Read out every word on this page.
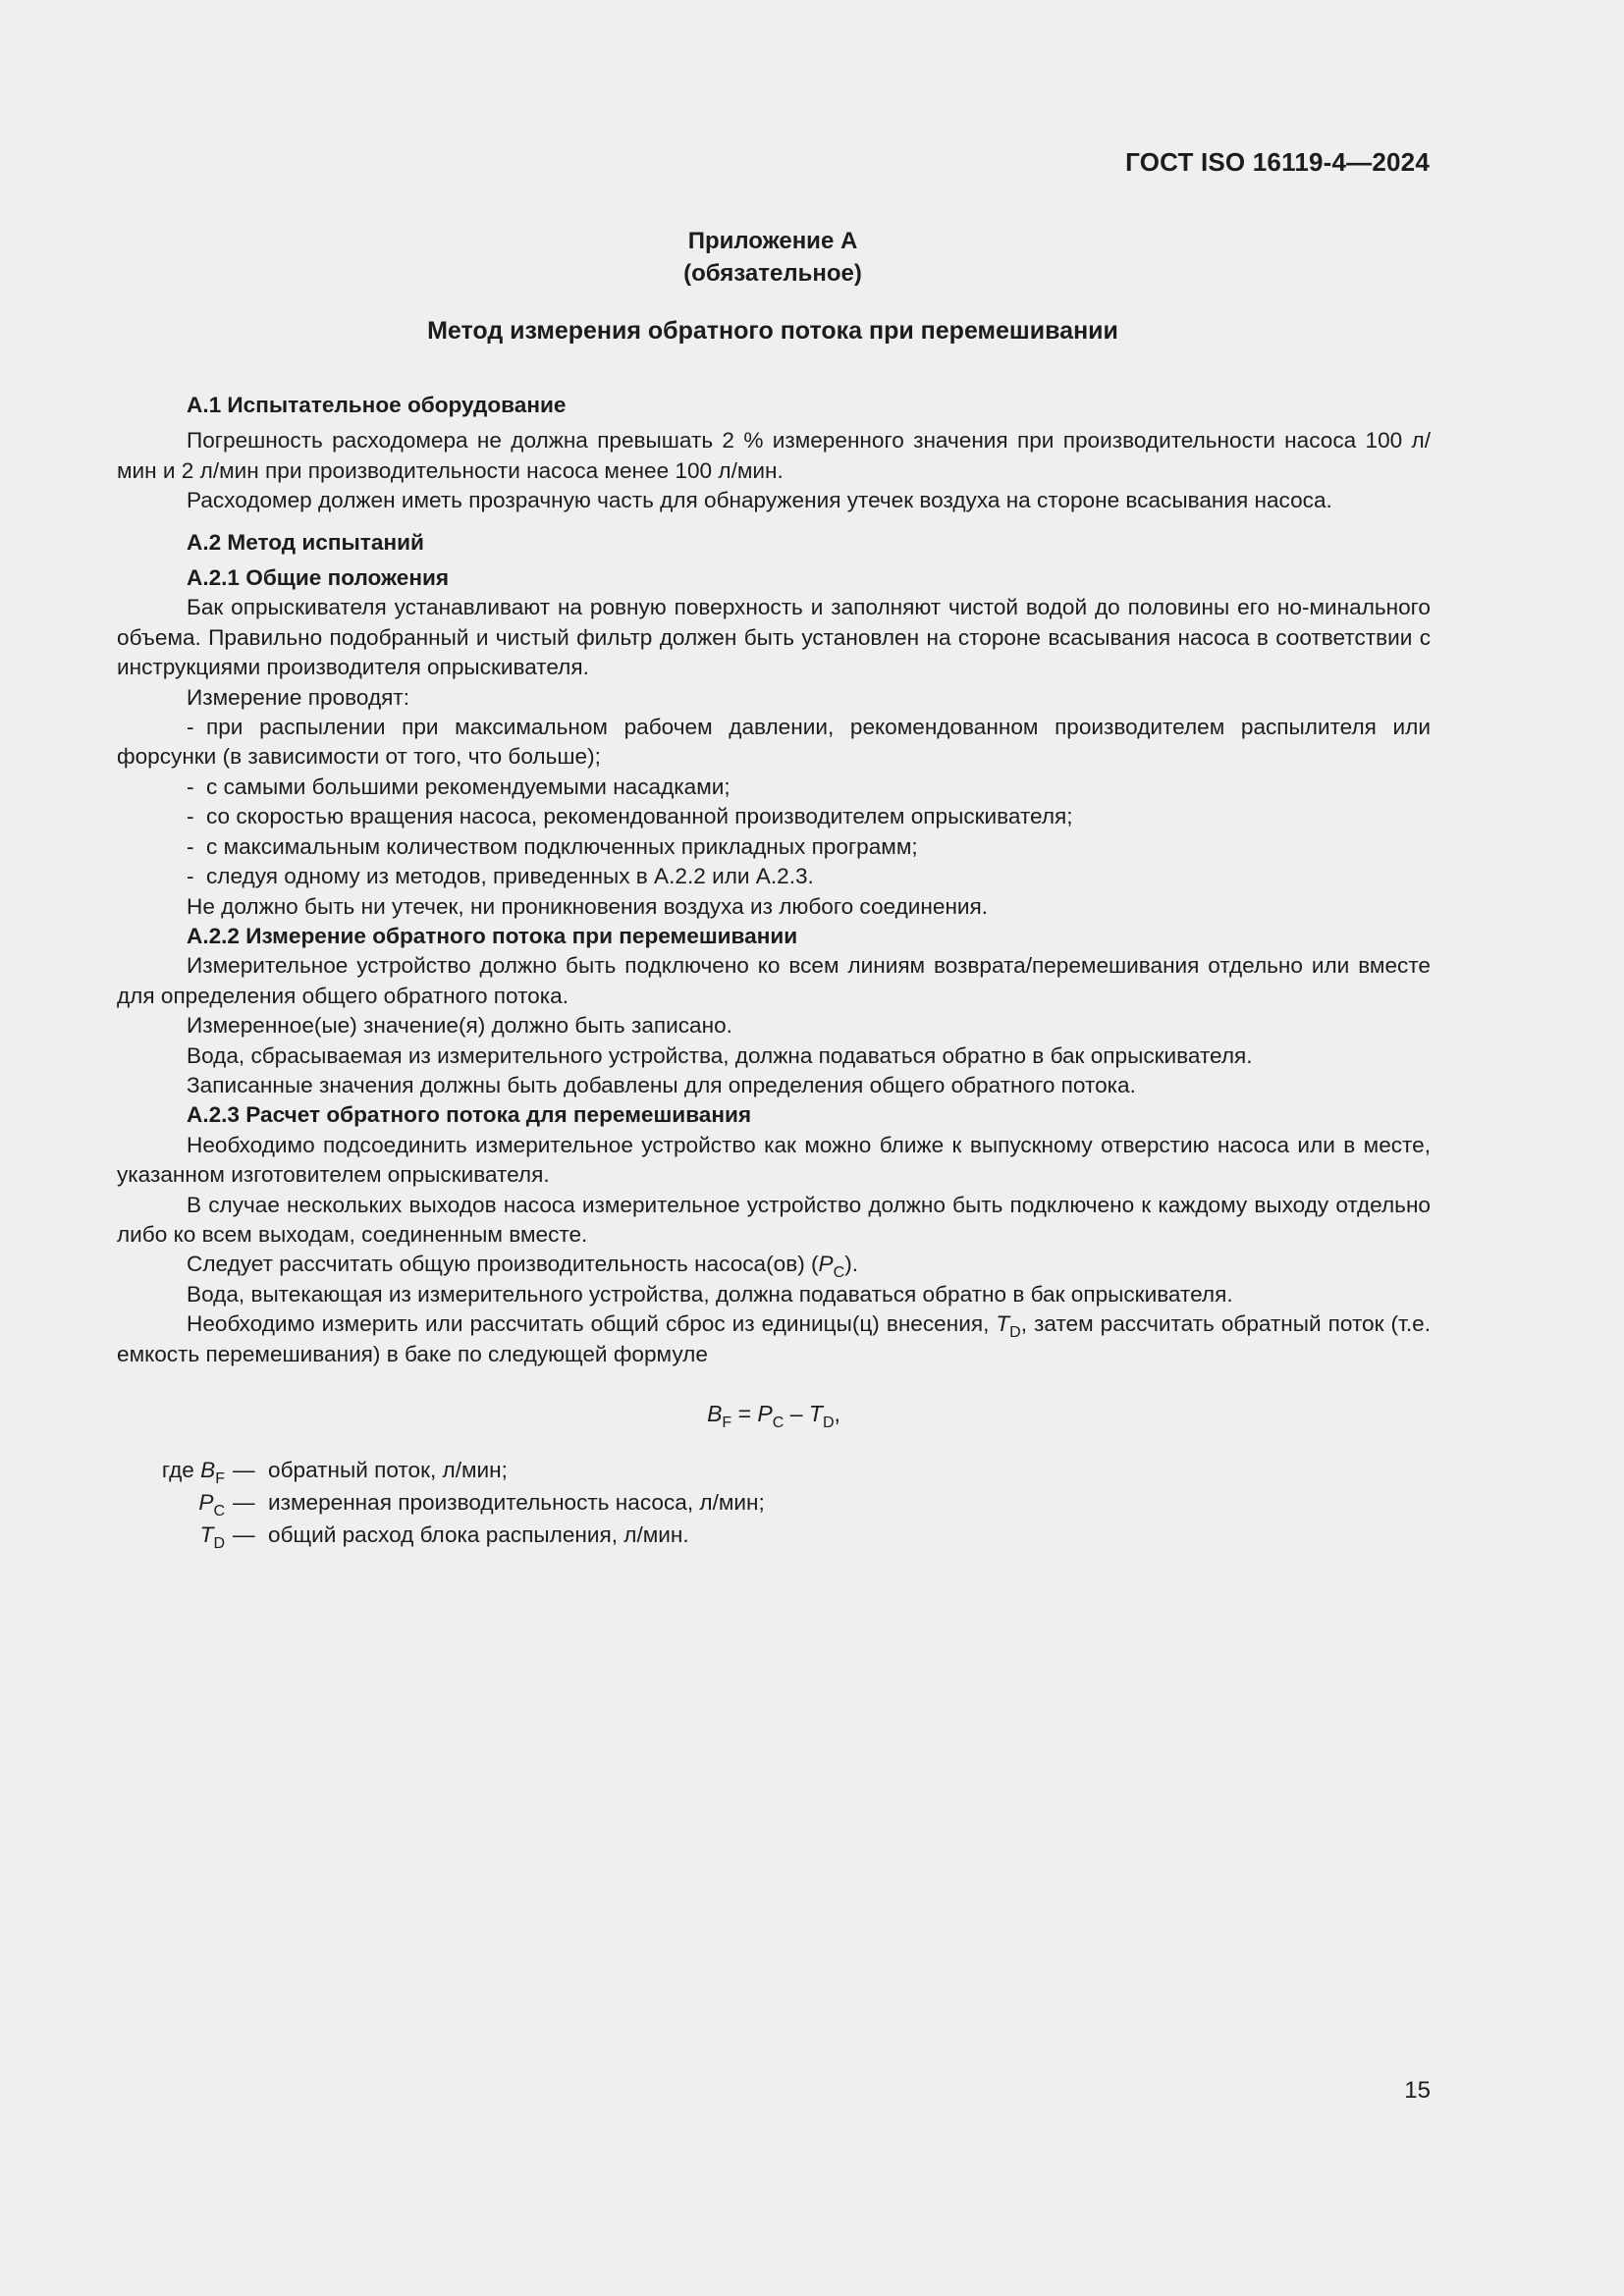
ГОСТ ISO 16119-4—2024
Приложение А
(обязательное)
Метод измерения обратного потока при перемешивании

А.1 Испытательное оборудование

Погрешность расходомера не должна превышать 2 % измеренного значения при производительности насоса 100 л/мин и 2 л/мин при производительности насоса менее 100 л/мин.

Расходомер должен иметь прозрачную часть для обнаружения утечек воздуха на стороне всасывания насоса.

А.2 Метод испытаний

А.2.1 Общие положения

Бак опрыскивателя устанавливают на ровную поверхность и заполняют чистой водой до половины его но-минального объема. Правильно подобранный и чистый фильтр должен быть установлен на стороне всасывания насоса в соответствии с инструкциями производителя опрыскивателя.

Измерение проводят:

- при распылении при максимальном рабочем давлении, рекомендованном производителем распылителя или форсунки (в зависимости от того, что больше);

- с самыми большими рекомендуемыми насадками;

- со скоростью вращения насоса, рекомендованной производителем опрыскивателя;

- с максимальным количеством подключенных прикладных программ;

- следуя одному из методов, приведенных в А.2.2 или А.2.3.

Не должно быть ни утечек, ни проникновения воздуха из любого соединения.

А.2.2 Измерение обратного потока при перемешивании

Измерительное устройство должно быть подключено ко всем линиям возврата/перемешивания отдельно или вместе для определения общего обратного потока.

Измеренное(ые) значение(я) должно быть записано.

Вода, сбрасываемая из измерительного устройства, должна подаваться обратно в бак опрыскивателя.

Записанные значения должны быть добавлены для определения общего обратного потока.

А.2.3 Расчет обратного потока для перемешивания

Необходимо подсоединить измерительное устройство как можно ближе к выпускному отверстию насоса или в месте, указанном изготовителем опрыскивателя.

В случае нескольких выходов насоса измерительное устройство должно быть подключено к каждому выходу отдельно либо ко всем выходам, соединенным вместе.

Следует рассчитать общую производительность насоса(ов) $(P_C)$.

Вода, вытекающая из измерительного устройства, должна подаваться обратно в бак опрыскивателя.

Необходимо измерить или рассчитать общий сброс из единицы(ц) внесения, $T_D$, затем рассчитать обратный поток (т.е. емкость перемешивания) в баке по следующей формуле

$B_F = P_C - T_D$,
где $B_F$ — обратный поток, л/мин;
$P_C$ — измеренная производительность насоса, л/мин;
$T_D$ — общий расход блока распыления, л/мин.
15
